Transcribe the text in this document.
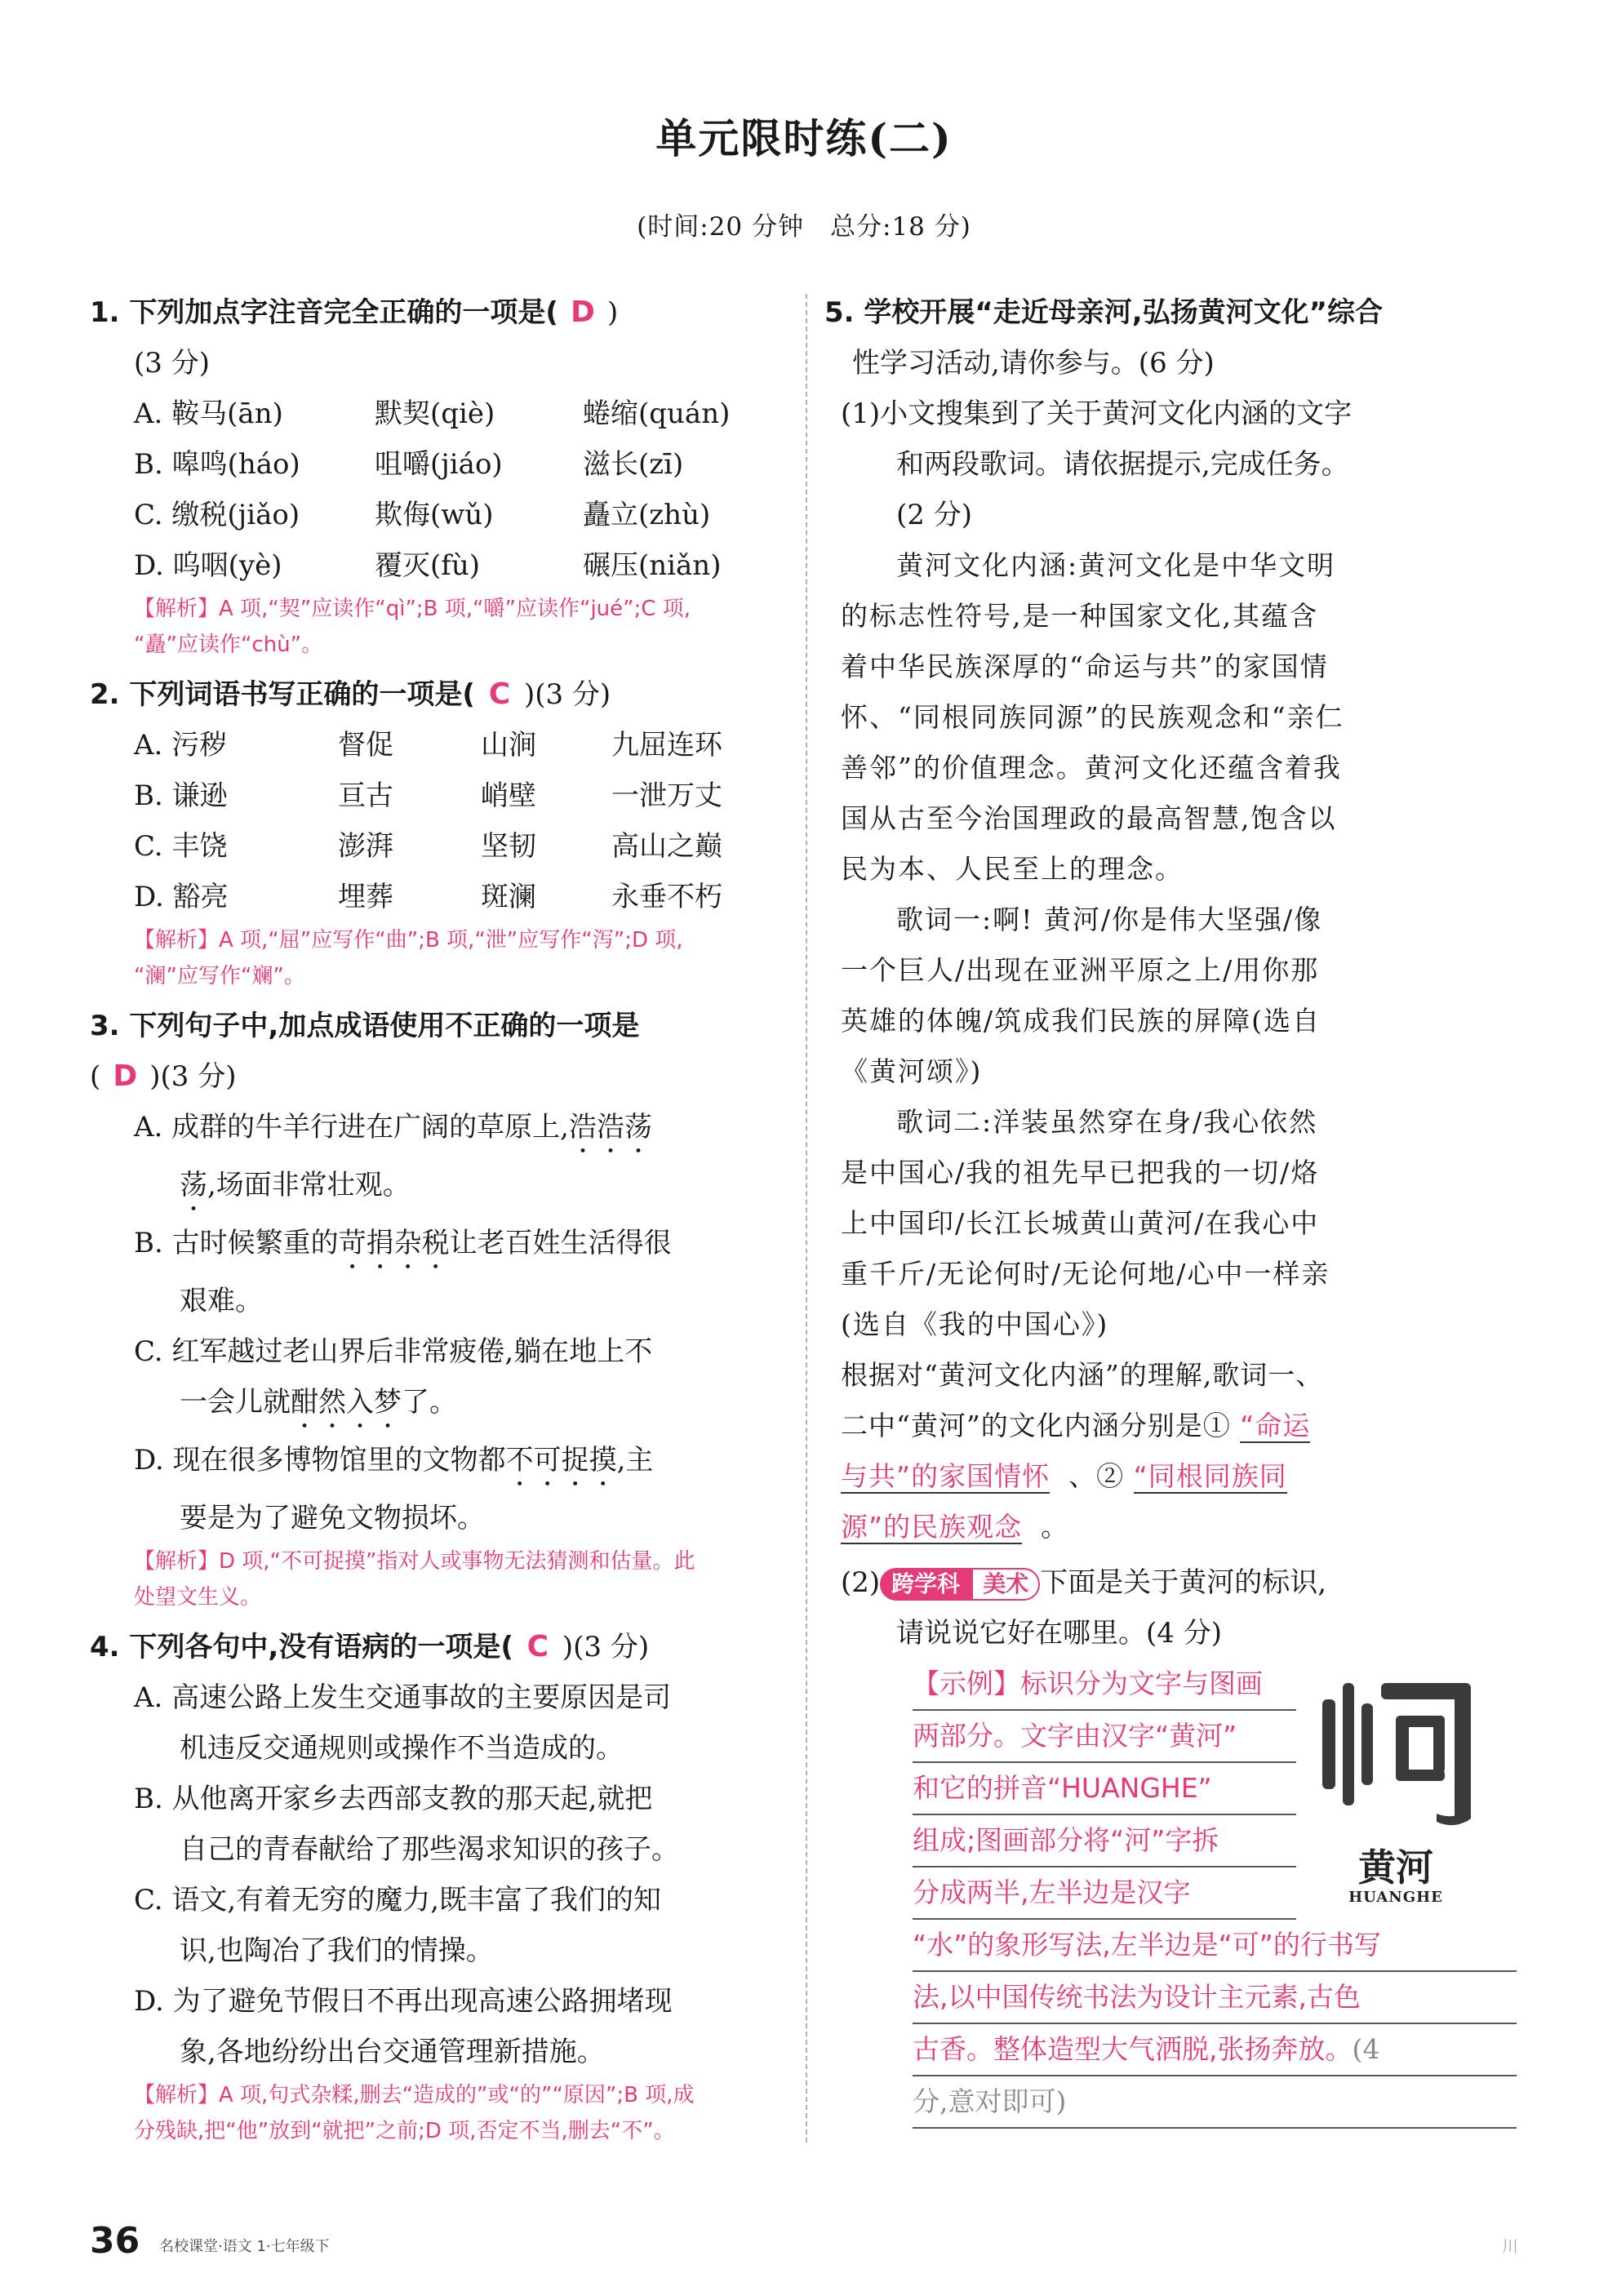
单元限时练(二)
(时间:20 分钟　总分:18 分)
1. 下列加点字注音完全正确的一项是( D )
(3 分)
A. 鞍马(ān)	默契(qiè)	蜷缩(quán)
B. 嗥鸣(háo)	咀嚼(jiáo)	滋长(zī)
C. 缴税(jiǎo)	欺侮(wǔ)	矗立(zhù)
D. 呜咽(yè)	覆灭(fù)	碾压(niǎn)
【解析】A 项,“契”应读作“qì”;B 项,“嚼”应读作“jué”;C 项,
“矗”应读作“chù”。
2. 下列词语书写正确的一项是( C )(3 分)
A. 污秽	督促	山涧	九屈连环
B. 谦逊	亘古	峭壁	一泄万丈
C. 丰饶	澎湃	坚韧	高山之巅
D. 豁亮	埋葬	斑澜	永垂不朽
【解析】A 项,“屈”应写作“曲”;B 项,“泄”应写作“泻”;D 项,
“澜”应写作“斓”。
3. 下列句子中,加点成语使用不正确的一项是
( D )(3 分)
A. 成群的牛羊行进在广阔的草原上,浩浩荡
荡,场面非常壮观。
B. 古时候繁重的苛捐杂税让老百姓生活得很
艰难。
C. 红军越过老山界后非常疲倦,躺在地上不
一会儿就酣然入梦了。
D. 现在很多博物馆里的文物都不可捉摸,主
要是为了避免文物损坏。
【解析】D 项,“不可捉摸”指对人或事物无法猜测和估量。此
处望文生义。
4. 下列各句中,没有语病的一项是( C )(3 分)
A. 高速公路上发生交通事故的主要原因是司
机违反交通规则或操作不当造成的。
B. 从他离开家乡去西部支教的那天起,就把
自己的青春献给了那些渴求知识的孩子。
C. 语文,有着无穷的魔力,既丰富了我们的知
识,也陶冶了我们的情操。
D. 为了避免节假日不再出现高速公路拥堵现
象,各地纷纷出台交通管理新措施。
【解析】A 项,句式杂糅,删去“造成的”或“的”“原因”;B 项,成
分残缺,把“他”放到“就把”之前;D 项,否定不当,删去“不”。
5. 学校开展“走近母亲河,弘扬黄河文化”综合
性学习活动,请你参与。(6 分)
(1)小文搜集到了关于黄河文化内涵的文字
和两段歌词。请依据提示,完成任务。
(2 分)
黄河文化内涵:黄河文化是中华文明
的标志性符号,是一种国家文化,其蕴含
着中华民族深厚的“命运与共”的家国情
怀、“同根同族同源”的民族观念和“亲仁
善邻”的价值理念。黄河文化还蕴含着我
国从古至今治国理政的最高智慧,饱含以
民为本、人民至上的理念。
歌词一:啊! 黄河/你是伟大坚强/像
一个巨人/出现在亚洲平原之上/用你那
英雄的体魄/筑成我们民族的屏障(选自
《黄河颂》)
歌词二:洋装虽然穿在身/我心依然
是中国心/我的祖先早已把我的一切/烙
上中国印/长江长城黄山黄河/在我心中
重千斤/无论何时/无论何地/心中一样亲
(选自《我的中国心》)
根据对“黄河文化内涵”的理解,歌词一、
二中“黄河”的文化内涵分别是① “命运
与共”的家国情怀 、② “同根同族同
源”的民族观念 。
(2) 跨学科 美术 下面是关于黄河的标识,
请说说它好在哪里。(4 分)
【示例】标识分为文字与图画
两部分。文字由汉字“黄河”
和它的拼音“HUANGHE”
组成;图画部分将“河”字拆
分成两半,左半边是汉字
“水”的象形写法,左半边是“可”的行书写
法,以中国传统书法为设计主元素,古色
古香。整体造型大气洒脱,张扬奔放。(4
分,意对即可)
黄河
HUANGHE
36 名校课堂·语文 1·七年级下	川
